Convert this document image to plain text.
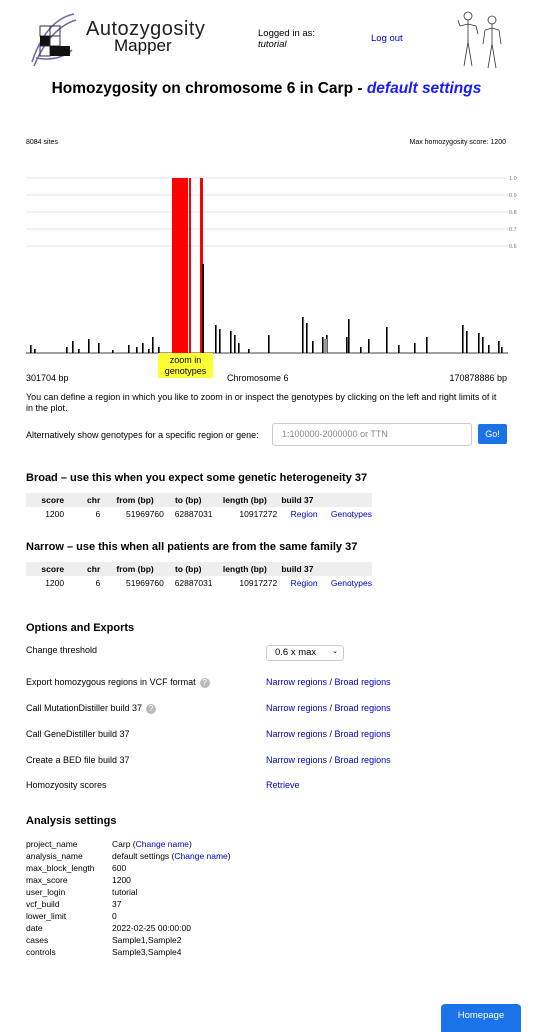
Autozygosity
Mapper
Logged in as:
tutorial
Log out
Homozygosity on chromosome 6 in Carp - default settings
8084 sites	Max homozygosity score: 1200
1.0
0.9
0.8
0.7
0.6
zoom in
genotypes
301704 bp	Chromosome 6	170878886 bp
You can define a region in which you like to zoom in or inspect the genotypes by clicking on the left and right limits of it in the plot.
Alternatively show genotypes for a specific region or gene:	1:100000-2000000 or TTN	Go!
Broad – use this when you expect some genetic heterogeneity 37
score	chr	from (bp)	to (bp)	length (bp)	build 37	
1200	6	51969760	62887031	10917272	Region	Genotypes
Narrow – use this when all patients are from the same family 37
score	chr	from (bp)	to (bp)	length (bp)	build 37	
1200	6	51969760	62887031	10917272	Region	Genotypes
Options and Exports
Change threshold	0.6 x max ⌄
Export homozygous regions in VCF format ?	Narrow regions / Broad regions
Call MutationDistiller build 37 ?	Narrow regions / Broad regions
Call GeneDistiller build 37	Narrow regions / Broad regions
Create a BED file build 37	Narrow regions / Broad regions
Homozyosity scores	Retrieve
Analysis settings
project_name	Carp (Change name)
analysis_name	default settings (Change name)
max_block_length 600
max_score	1200
user_login	tutorial
vcf_build	37
lower_limit	0
date	2022-02-25 00:00:00
cases	Sample1,Sample2
controls	Sample3,Sample4
Homepage
